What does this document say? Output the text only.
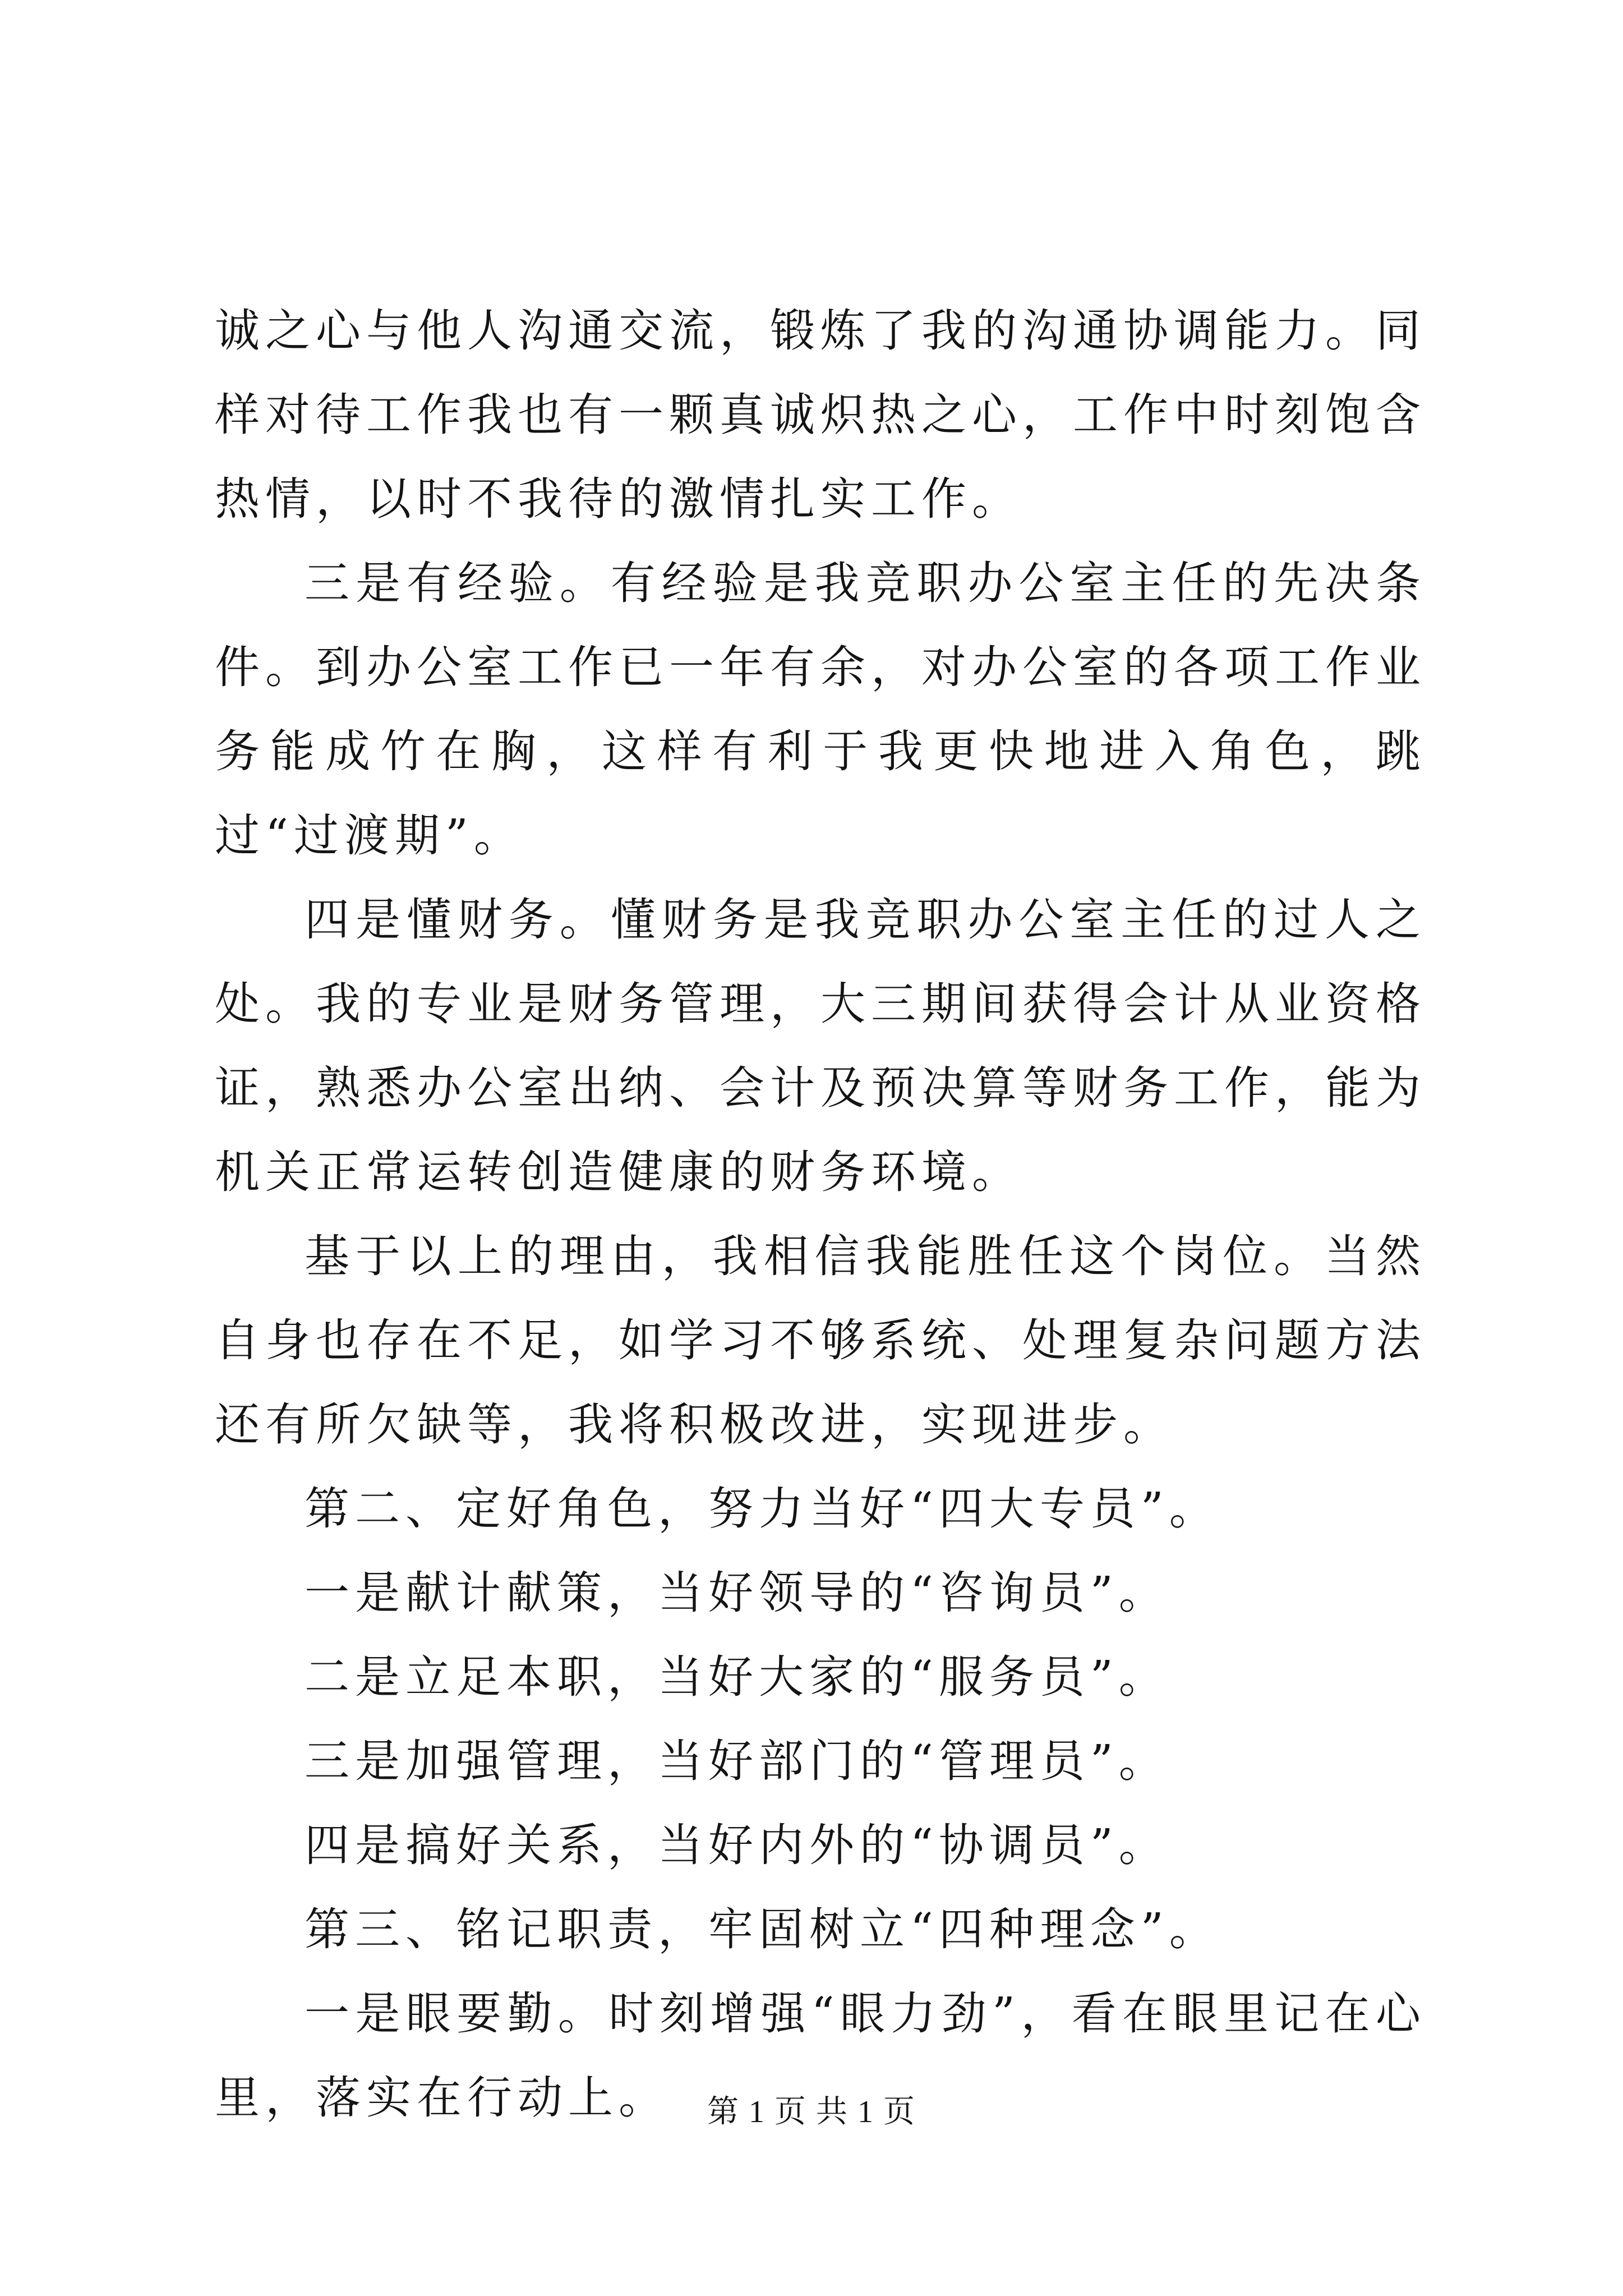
诚之心与他人沟通交流，锻炼了我的沟通协调能力。同样对待工作我也有一颗真诚炽热之心，工作中时刻饱含热情，以时不我待的激情扎实工作。

三是有经验。有经验是我竞职办公室主任的先决条件。到办公室工作已一年有余，对办公室的各项工作业务能成竹在胸，这样有利于我更快地进入角色，跳过“过渡期”。

四是懂财务。懂财务是我竞职办公室主任的过人之处。我的专业是财务管理，大三期间获得会计从业资格证，熟悉办公室出纳、会计及预决算等财务工作，能为机关正常运转创造健康的财务环境。

基于以上的理由，我相信我能胜任这个岗位。当然自身也存在不足，如学习不够系统、处理复杂问题方法还有所欠缺等，我将积极改进，实现进步。

第二、定好角色，努力当好“四大专员”。

一是献计献策，当好领导的“咨询员”。

二是立足本职，当好大家的“服务员”。

三是加强管理，当好部门的“管理员”。

四是搞好关系，当好内外的“协调员”。

第三、铭记职责，牢固树立“四种理念”。

一是眼要勤。时刻增强“眼力劲”，看在眼里记在心里，落实在行动上。	第 1 页 共 1 页
